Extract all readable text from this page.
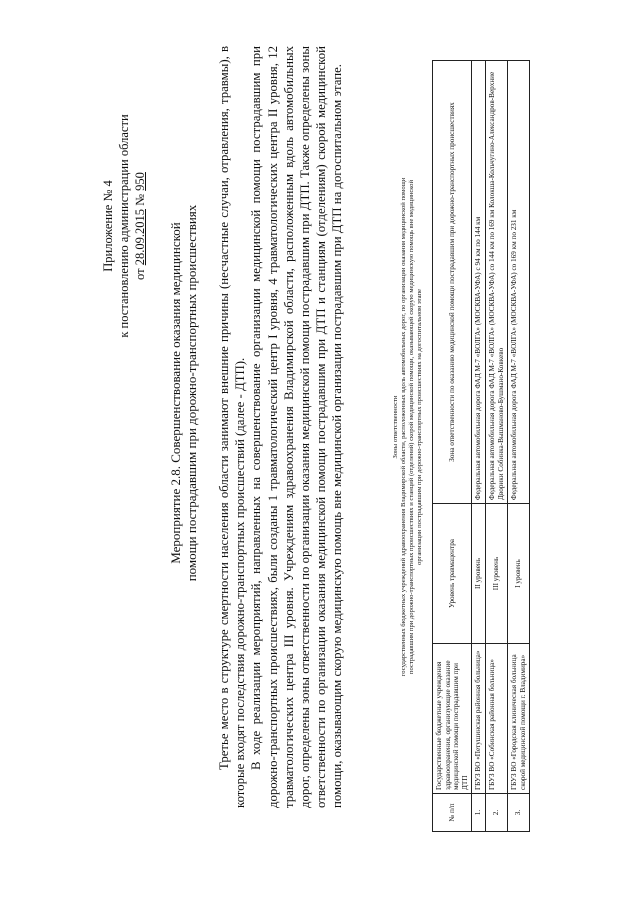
Приложение № 4 к постановлению администрации области от 28.09.2015 № 950
Мероприятие 2.8. Совершенствование оказания медицинской помощи пострадавшим при дорожно-транспортных происшествиях Третье место в структуре смертности населения области занимают внешние причины (несчастные случаи, отравления, травмы), в которые входят последствия дорожно-транспортных происшествий (далее - ДТП). В ходе реализации мероприятий, направленных на совершенствование организации медицинской помощи пострадавшим при дорожно-транспортных происшествиях, были созданы 1 травматологический центр I уровня, 4 травматологических центра II уровня, 12 травматологических центра III уровня. Учреждениям здравоохранения Владимирской области, расположенным вдоль автомобильных дорог, определены зоны ответственности по организации оказания медицинской помощи пострадавшим при ДТП. Также определены зоны ответственности по организации оказания медицинской помощи пострадавшим при ДТП и станциям (отделениям) скорой медицинской помощи, оказывающим скорую медицинскую помощь вне медицинской организации пострадавшим при ДТП на догоспитальном этапе.	Зоны ответственности государственных бюджетных учреждений здравоохранения Владимирской области, расположенных вдоль автомобильных дорог, по организации оказания медицинской помощи пострадавшим при дорожно-транспортных происшествиях и станций (отделений) скорой медицинской помощи, оказывающей скорую медицинскую помощь вне медицинской организации пострадавшим при дорожно-транспортных происшествиях на догоспитальном этапе
№ п/п	Государственные бюджетные учреждения здравоохранения, организующие оказание медицинской помощи пострадавшим при ДТП	Уровень травмацентра	Зона ответственности по оказанию медицинской помощи пострадавшим при дорожно-транспортных происшествиях
1.	ГБУЗ ВО «Петушинская районная больница»	II уровень	Федеральная автомобильная дорога ФАД М-7 «ВОЛГА» (МОСКВА-УФА) с 94 км по 144 км
2.	ГБУЗ ВО «Собинская районная больница»	III уровень	Федеральная автомобильная дорога ФАД М-7 «ВОЛГА» (МОСКВА-УФА) со 144 км по 169 км Колокша-Кольчугино-Александров-Верхние Дворики Собинка-Вышманово-Бушмано-Ковкево
3.	ГБУЗ ВО «Городская клиническая больница скорой медицинской помощи г. Владимира»	I уровень	Федеральная автомобильная дорога ФАД М-7 «ВОЛГА» (МОСКВА-УФА) со 169 км по 231 км
